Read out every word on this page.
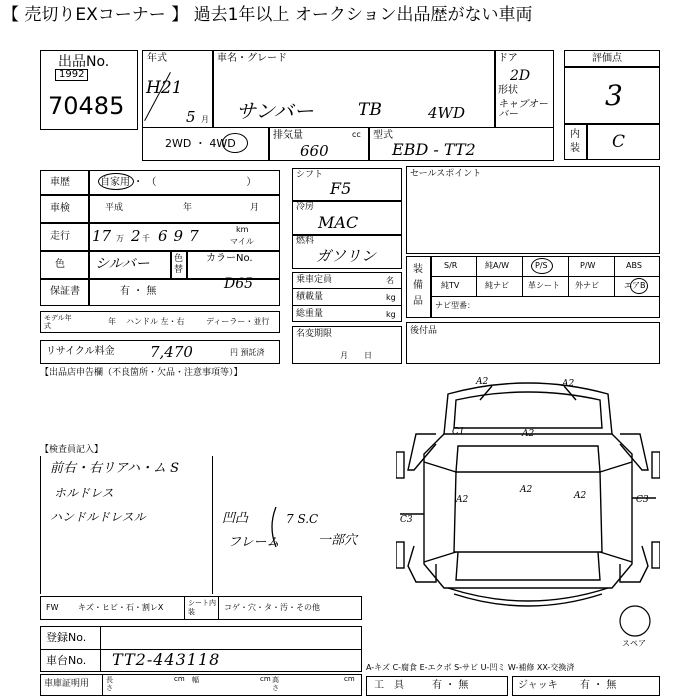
【 売切りEXコーナー 】 過去1年以上 オークション出品歴がない車両
出品No.
1992
70485
年式
H21
5 月
車名・グレード
サンバー	TB	4WD
ドア
2D
形状
キャブオーバー
2WD ・ 4WD
排気量	cc
660
型式
EBD - TT2
評価点
3
内装 C
車歴	自家用 ・ （　　　　　　　　　）
車検	平成	年	月
走行 17 万 2 千 697	km
マイル
色 シルバー	色替
カラーNo.
D65
保証書	有 ・ 無
モデル年式	年 ハンドル 左・右	ディーラー・並行
リサイクル料金 7,470	円 預託済
シフト
F5
冷房
MAC
燃料
ガソリン
乗車定員	名
積載量	kg
総重量	kg
名変期限
月　　日
セールスポイント
装備品
S/R	純A/W	P/S	P/W	ABS
純TV	純ナビ 革シート 外ナビ	エアB
ナビ型番：
後付品
【出品店申告欄（不良箇所・欠品・注意事項等）】
【検査員記入】
前右・右リアハ・ム S
ホルドレス
ハンドルドレスル	凹凸
フレーム
7 S.C
一部穴
A2	A2
A2
A2
A2	A2
C1
C3
C3
スペア
FW キズ・ヒビ・石・割レX	シート内装	コゲ・穴・タ・汚・その他
登録No.
車台No. TT2-443118	A-キズ C-腐食 E-エクボ S-サビ U-凹ミ W-補修 XX-交換済
車庫証明用 長さ
cm 幅	cm 高さ
cm
工　具	有 ・ 無	ジャッキ 有 ・ 無
